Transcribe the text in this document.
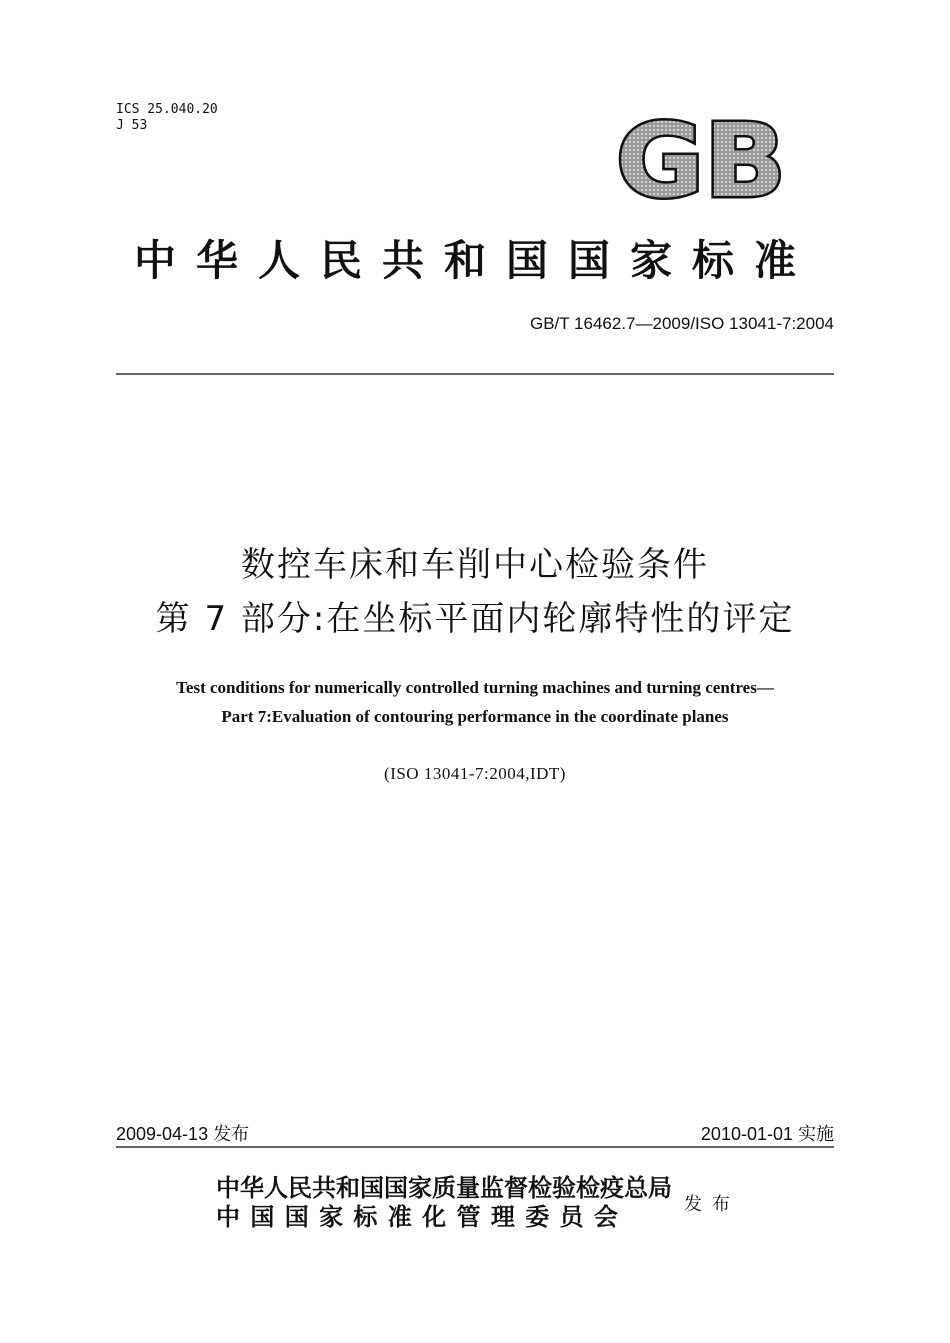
ICS 25.040.20
J 53	GB
中华人民共和国国家标准
GB/T 16462.7—2009/ISO 13041-7:2004
数控车床和车削中心检验条件
第 7 部分:在坐标平面内轮廓特性的评定
Test conditions for numerically controlled turning machines and turning centres—
Part 7:Evaluation of contouring performance in the coordinate planes
(ISO 13041-7:2004,IDT)
2009-04-13 发布	2010-01-01 实施
中华人民共和国国家质量监督检验检疫总局
中 国 国 家 标 准 化 管 理 委 员 会	发布
